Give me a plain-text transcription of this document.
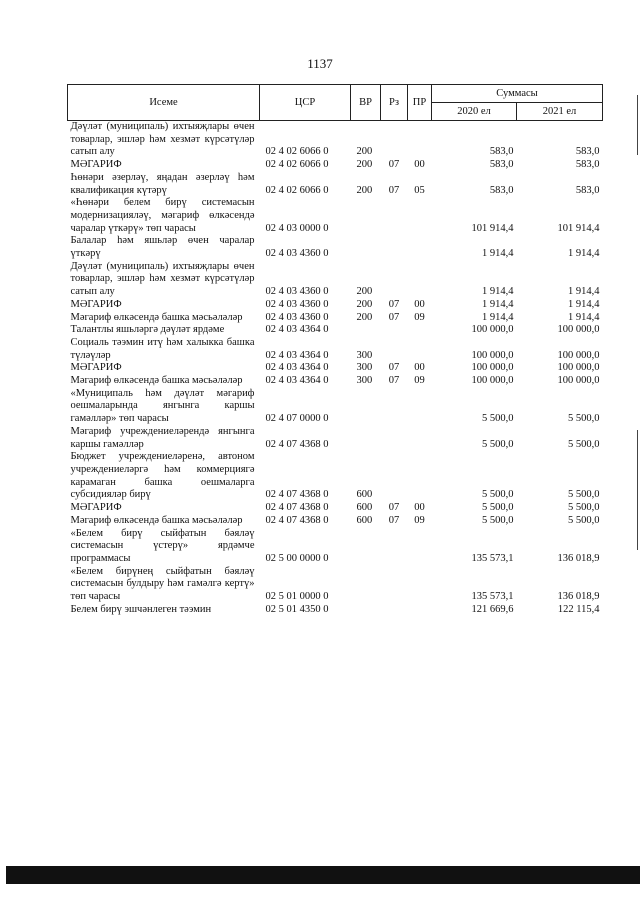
1137
Исеме	ЦСР	ВР	Рз	ПР	Суммасы	
					2020 ел	2021 ел
Дәүләт (муниципаль) ихтыяҗлары өчен товарлар, эшләр һәм хезмәт күрсәтүләр сатып алу	02 4 02 6066 0	200			583,0	583,0
МӘГАРИФ	02 4 02 6066 0	200	07	00	583,0	583,0
Һөнәри әзерләү, яңадан әзерләү һәм квалификация күтәрү	02 4 02 6066 0	200	07	05	583,0	583,0
«Һөнәри белем бирү системасын модернизацияләү, мәгариф өлкәсендә чаралар үткәрү» төп чарасы	02 4 03 0000 0				101 914,4	101 914,4
Балалар һәм яшьләр өчен чаралар үткәрү	02 4 03 4360 0				1 914,4	1 914,4
Дәүләт (муниципаль) ихтыяҗлары өчен товарлар, эшләр һәм хезмәт күрсәтүләр сатып алу	02 4 03 4360 0	200			1 914,4	1 914,4
МӘГАРИФ	02 4 03 4360 0	200	07	00	1 914,4	1 914,4
Мәгариф өлкәсендә башка мәсьәләләр	02 4 03 4360 0	200	07	09	1 914,4	1 914,4
Талантлы яшьләргә дәүләт ярдәме	02 4 03 4364 0				100 000,0	100 000,0
Социаль тәэмин итү һәм халыкка башка түләүләр	02 4 03 4364 0	300			100 000,0	100 000,0
МӘГАРИФ	02 4 03 4364 0	300	07	00	100 000,0	100 000,0
Мәгариф өлкәсендә башка мәсьәләләр	02 4 03 4364 0	300	07	09	100 000,0	100 000,0
«Муниципаль һәм дәүләт мәгариф оешмаларында янгынга каршы гамәлләр» төп чарасы	02 4 07 0000 0				5 500,0	5 500,0
Мәгариф учреждениеләрендә янгынга каршы гамәлләр	02 4 07 4368 0				5 500,0	5 500,0
Бюджет учреждениеләренә, автоном учреждениеләргә һәм коммерциягә карамаган башка оешмаларга субсидияләр бирү	02 4 07 4368 0	600			5 500,0	5 500,0
МӘГАРИФ	02 4 07 4368 0	600	07	00	5 500,0	5 500,0
Мәгариф өлкәсендә башка мәсьәләләр	02 4 07 4368 0	600	07	09	5 500,0	5 500,0
«Белем бирү сыйфатын бәяләү системасын үстерү» ярдәмче программасы	02 5 00 0000 0				135 573,1	136 018,9
«Белем бирүнең сыйфатын бәяләү системасын булдыру һәм гамәлгә кертү» төп чарасы	02 5 01 0000 0				135 573,1	136 018,9
Белем бирү эшчәнлеген тәэмин	02 5 01 4350 0				121 669,6	122 115,4
